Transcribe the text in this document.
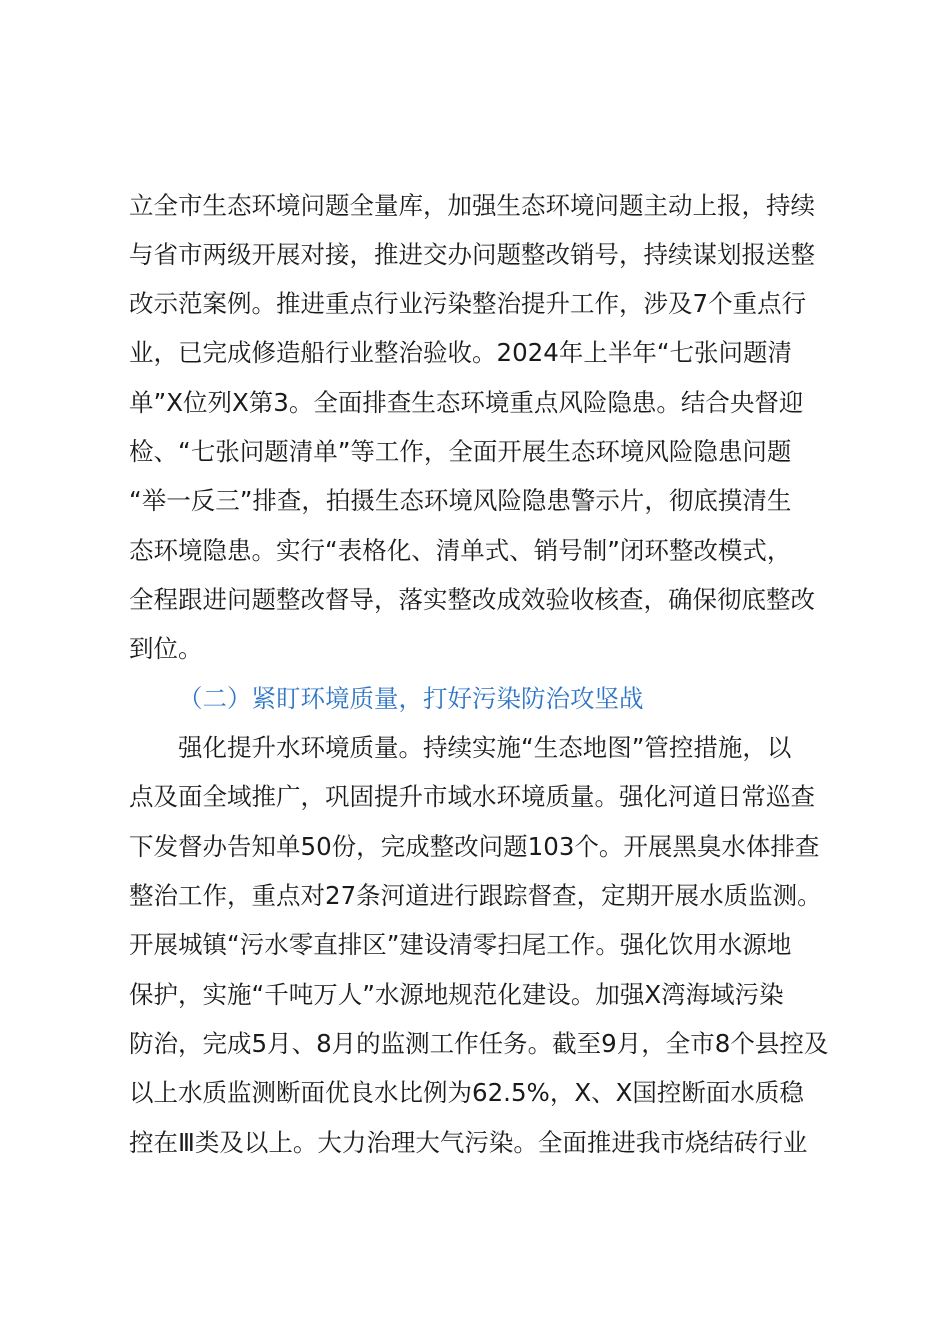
立全市生态环境问题全量库，加强生态环境问题主动上报，持续
与省市两级开展对接，推进交办问题整改销号，持续谋划报送整
改示范案例。推进重点行业污染整治提升工作，涉及7个重点行
业，已完成修造船行业整治验收。2024年上半年“七张问题清
单”X位列X第3。全面排查生态环境重点风险隐患。结合央督迎
检、“七张问题清单”等工作，全面开展生态环境风险隐患问题
“举一反三”排查，拍摄生态环境风险隐患警示片，彻底摸清生
态环境隐患。实行“表格化、清单式、销号制”闭环整改模式，
全程跟进问题整改督导，落实整改成效验收核查，确保彻底整改
到位。
（二）紧盯环境质量，打好污染防治攻坚战
强化提升水环境质量。持续实施“生态地图”管控措施，以
点及面全域推广，巩固提升市域水环境质量。强化河道日常巡查
下发督办告知单50份，完成整改问题103个。开展黑臭水体排查
整治工作，重点对27条河道进行跟踪督查，定期开展水质监测。
开展城镇“污水零直排区”建设清零扫尾工作。强化饮用水源地
保护，实施“千吨万人”水源地规范化建设。加强X湾海域污染
防治，完成5月、8月的监测工作任务。截至9月，全市8个县控及
以上水质监测断面优良水比例为62.5%，X、X国控断面水质稳
控在Ⅲ类及以上。大力治理大气污染。全面推进我市烧结砖行业
